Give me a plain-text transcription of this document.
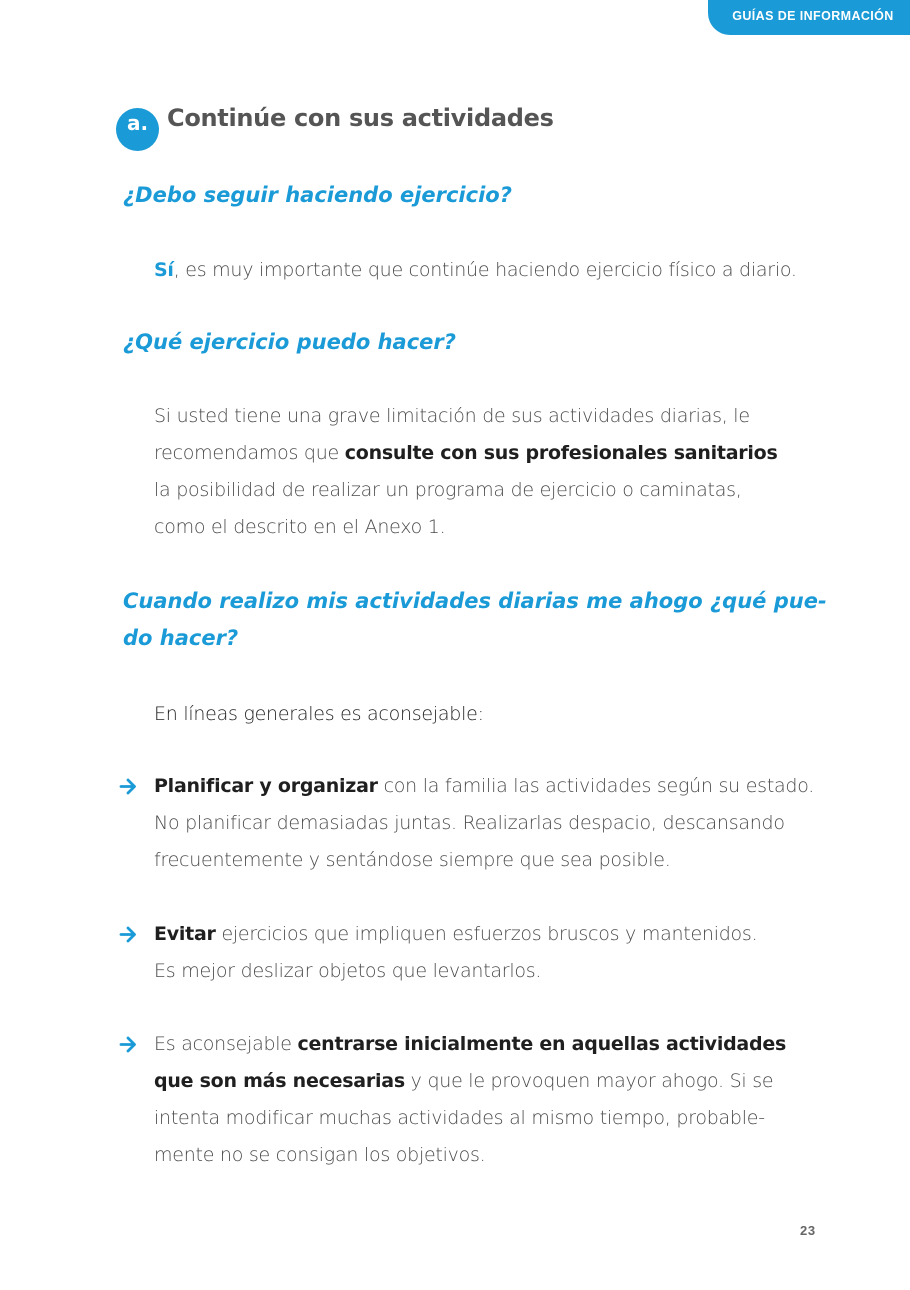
GUÍAS DE INFORMACIÓN
a. Continúe con sus actividades
¿Debo seguir haciendo ejercicio?
Sí, es muy importante que continúe haciendo ejercicio físico a diario.
¿Qué ejercicio puedo hacer?
Si usted tiene una grave limitación de sus actividades diarias, le
recomendamos que consulte con sus profesionales sanitarios
la posibilidad de realizar un programa de ejercicio o caminatas,
como el descrito en el Anexo 1.
Cuando realizo mis actividades diarias me ahogo ¿qué pue-
do hacer?
En líneas generales es aconsejable:
Planificar y organizar con la familia las actividades según su estado.
No planificar demasiadas juntas. Realizarlas despacio, descansando
frecuentemente y sentándose siempre que sea posible.
Evitar ejercicios que impliquen esfuerzos bruscos y mantenidos.
Es mejor deslizar objetos que levantarlos.
Es aconsejable centrarse inicialmente en aquellas actividades
que son más necesarias y que le provoquen mayor ahogo. Si se
intenta modificar muchas actividades al mismo tiempo, probable-
mente no se consigan los objetivos.
23
